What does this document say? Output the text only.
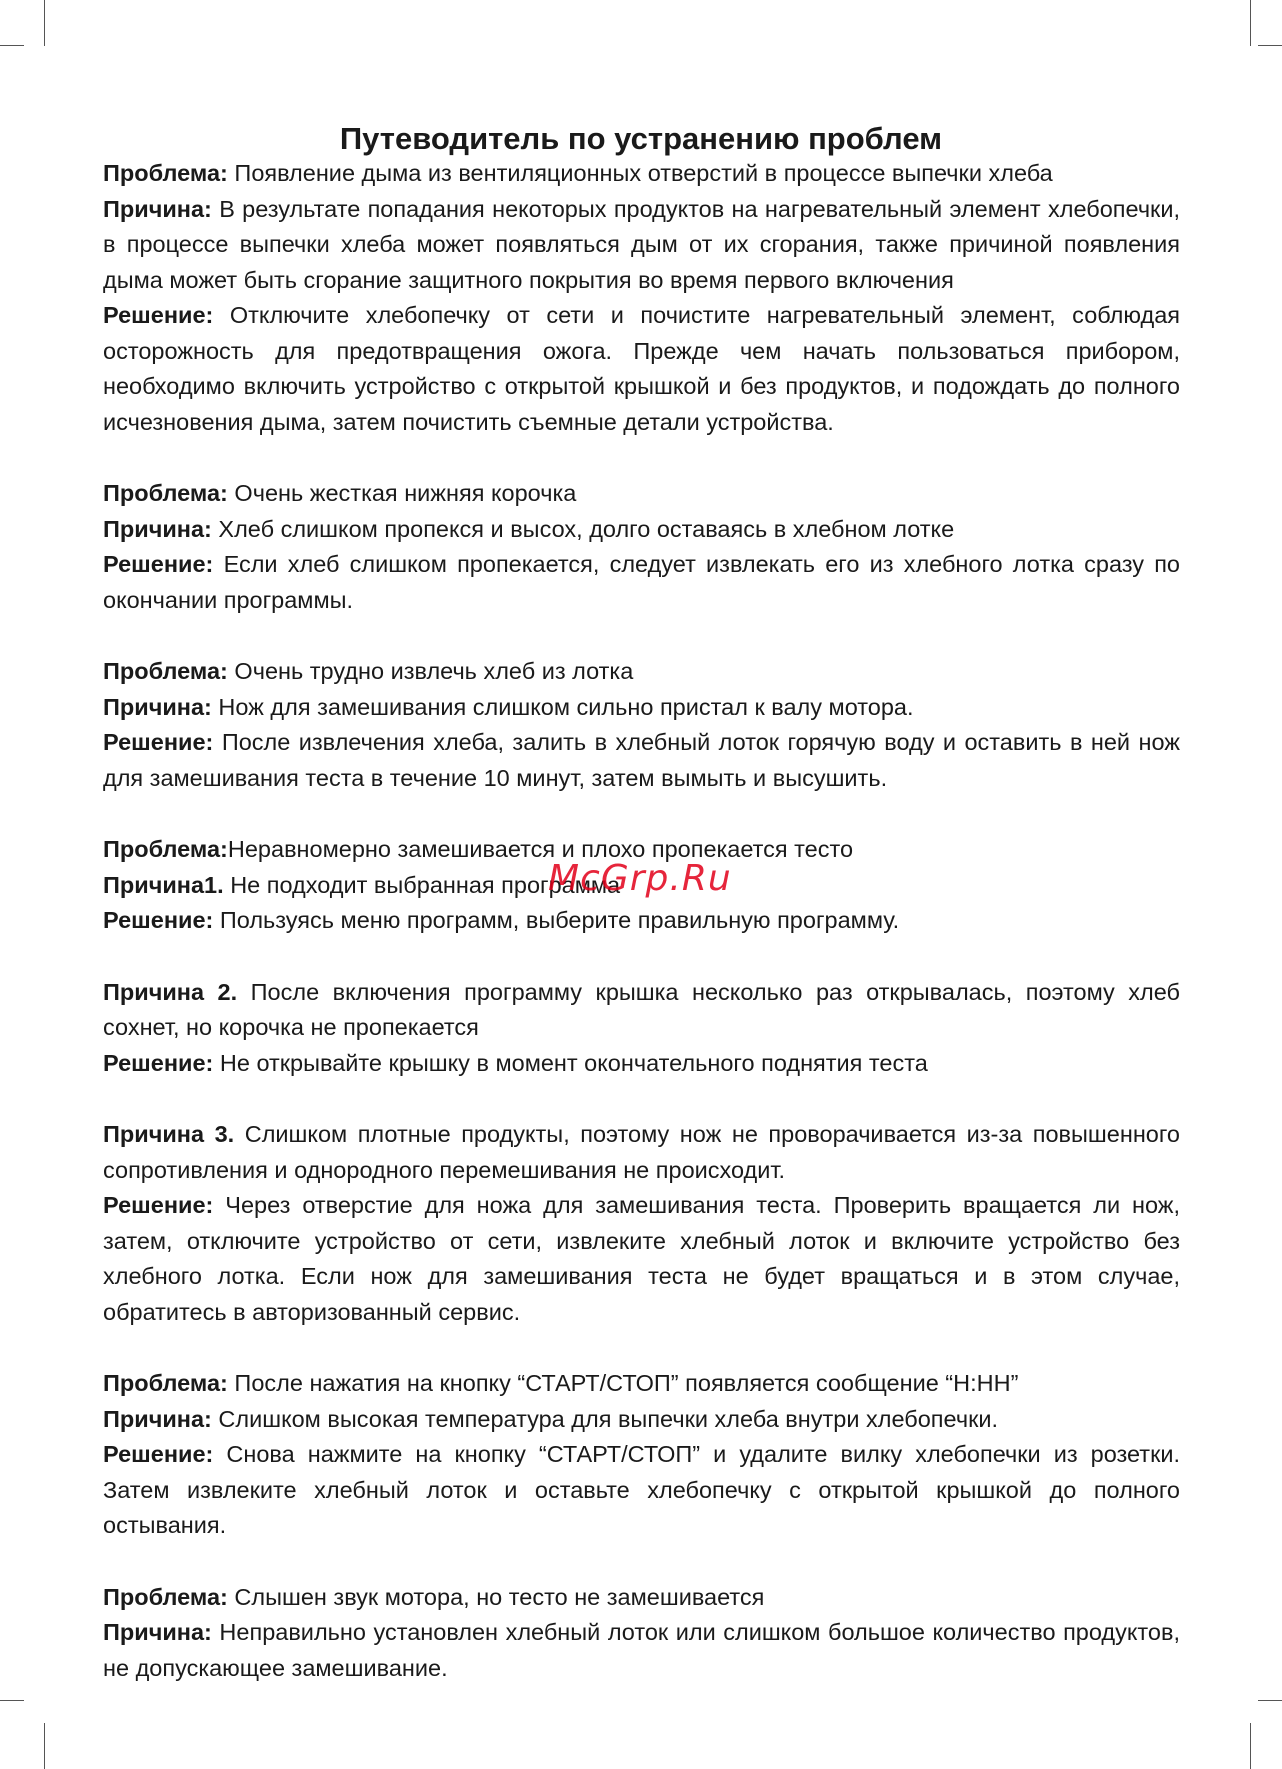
Путеводитель по устранению проблем

Проблема: Появление дыма из вентиляционных отверстий в процессе выпечки хлеба

Причина: В результате попадания некоторых продуктов на нагревательный элемент хлебопечки, в процессе выпечки хлеба может появляться дым от их сгорания, также причиной появления дыма может быть сгорание защитного покрытия во время первого включения

Решение: Отключите хлебопечку от сети и почистите нагревательный элемент, соблюдая осторожность для предотвращения ожога. Прежде чем начать пользоваться прибором, необходимо включить устройство с открытой крышкой и без продуктов, и подождать до полного исчезновения дыма, затем почистить съемные детали устройства.

Проблема: Очень жесткая нижняя корочка

Причина: Хлеб слишком пропекся и высох, долго оставаясь в хлебном лотке

Решение: Если хлеб слишком пропекается, следует извлекать его из хлебного лотка сразу по окончании программы.

Проблема: Очень трудно извлечь хлеб из лотка

Причина: Нож для замешивания слишком сильно пристал к валу мотора.

Решение: После извлечения хлеба, залить в хлебный лоток горячую воду и оставить в ней нож для замешивания теста в течение 10 минут, затем вымыть и высушить.

Проблема:Неравномерно замешивается и плохо пропекается тесто

Причина1. Не подходит выбранная программа

Решение: Пользуясь меню программ, выберите правильную программу.

Причина 2. После включения программу крышка несколько раз открывалась, поэтому хлеб сохнет, но корочка не пропекается

Решение: Не открывайте крышку в момент окончательного поднятия теста

Причина 3. Слишком плотные продукты, поэтому нож не проворачивается из-за повышенного сопротивления и однородного перемешивания не происходит.

Решение: Через отверстие для ножа для замешивания теста. Проверить вращается ли нож, затем, отключите устройство от сети, извлеките хлебный лоток и включите устройство без хлебного лотка. Если нож для замешивания теста не будет вращаться и в этом случае, обратитесь в авторизованный сервис.

Проблема: После нажатия на кнопку “СТАРТ/СТОП” появляется сообщение “Н:НН”

Причина: Слишком высокая температура для выпечки хлеба внутри хлебопечки.

Решение: Снова нажмите на кнопку “СТАРТ/СТОП” и удалите вилку хлебопечки из розетки. Затем извлеките хлебный лоток и оставьте хлебопечку с открытой крышкой до полного остывания.

Проблема: Слышен звук мотора, но тесто не замешивается

Причина: Неправильно установлен хлебный лоток или слишком большое количество продуктов, не допускающее замешивание.

McGrp.Ru
